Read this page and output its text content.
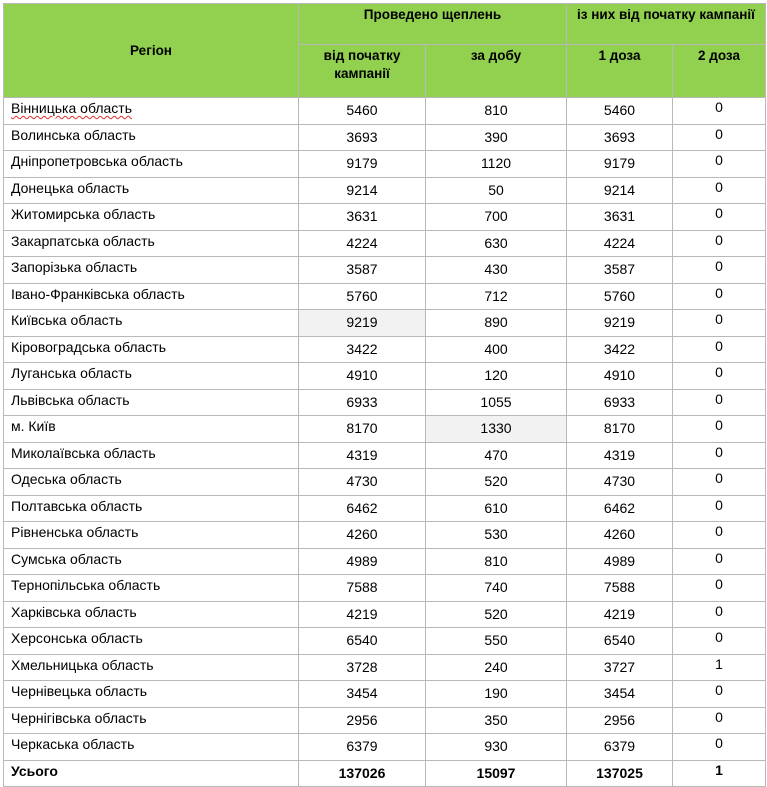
Регіон	Проведено щеплень		із них від початку кампанії	
	від початку кампанії	за добу	1 доза	2 доза
Вінницька область	5460	810	5460	0
Волинська область	3693	390	3693	0
Дніпропетровська область	9179	1120	9179	0
Донецька область	9214	50	9214	0
Житомирська область	3631	700	3631	0
Закарпатська область	4224	630	4224	0
Запорізька область	3587	430	3587	0
Івано-Франківська область	5760	712	5760	0
Київська область	9219	890	9219	0
Кіровоградська область	3422	400	3422	0
Луганська область	4910	120	4910	0
Львівська область	6933	1055	6933	0
м. Київ	8170	1330	8170	0
Миколаївська область	4319	470	4319	0
Одеська область	4730	520	4730	0
Полтавська область	6462	610	6462	0
Рівненська область	4260	530	4260	0
Сумська область	4989	810	4989	0
Тернопільська область	7588	740	7588	0
Харківська область	4219	520	4219	0
Херсонська область	6540	550	6540	0
Хмельницька область	3728	240	3727	1
Чернівецька область	3454	190	3454	0
Чернігівська область	2956	350	2956	0
Черкаська область	6379	930	6379	0
Усього	137026	15097	137025	1
